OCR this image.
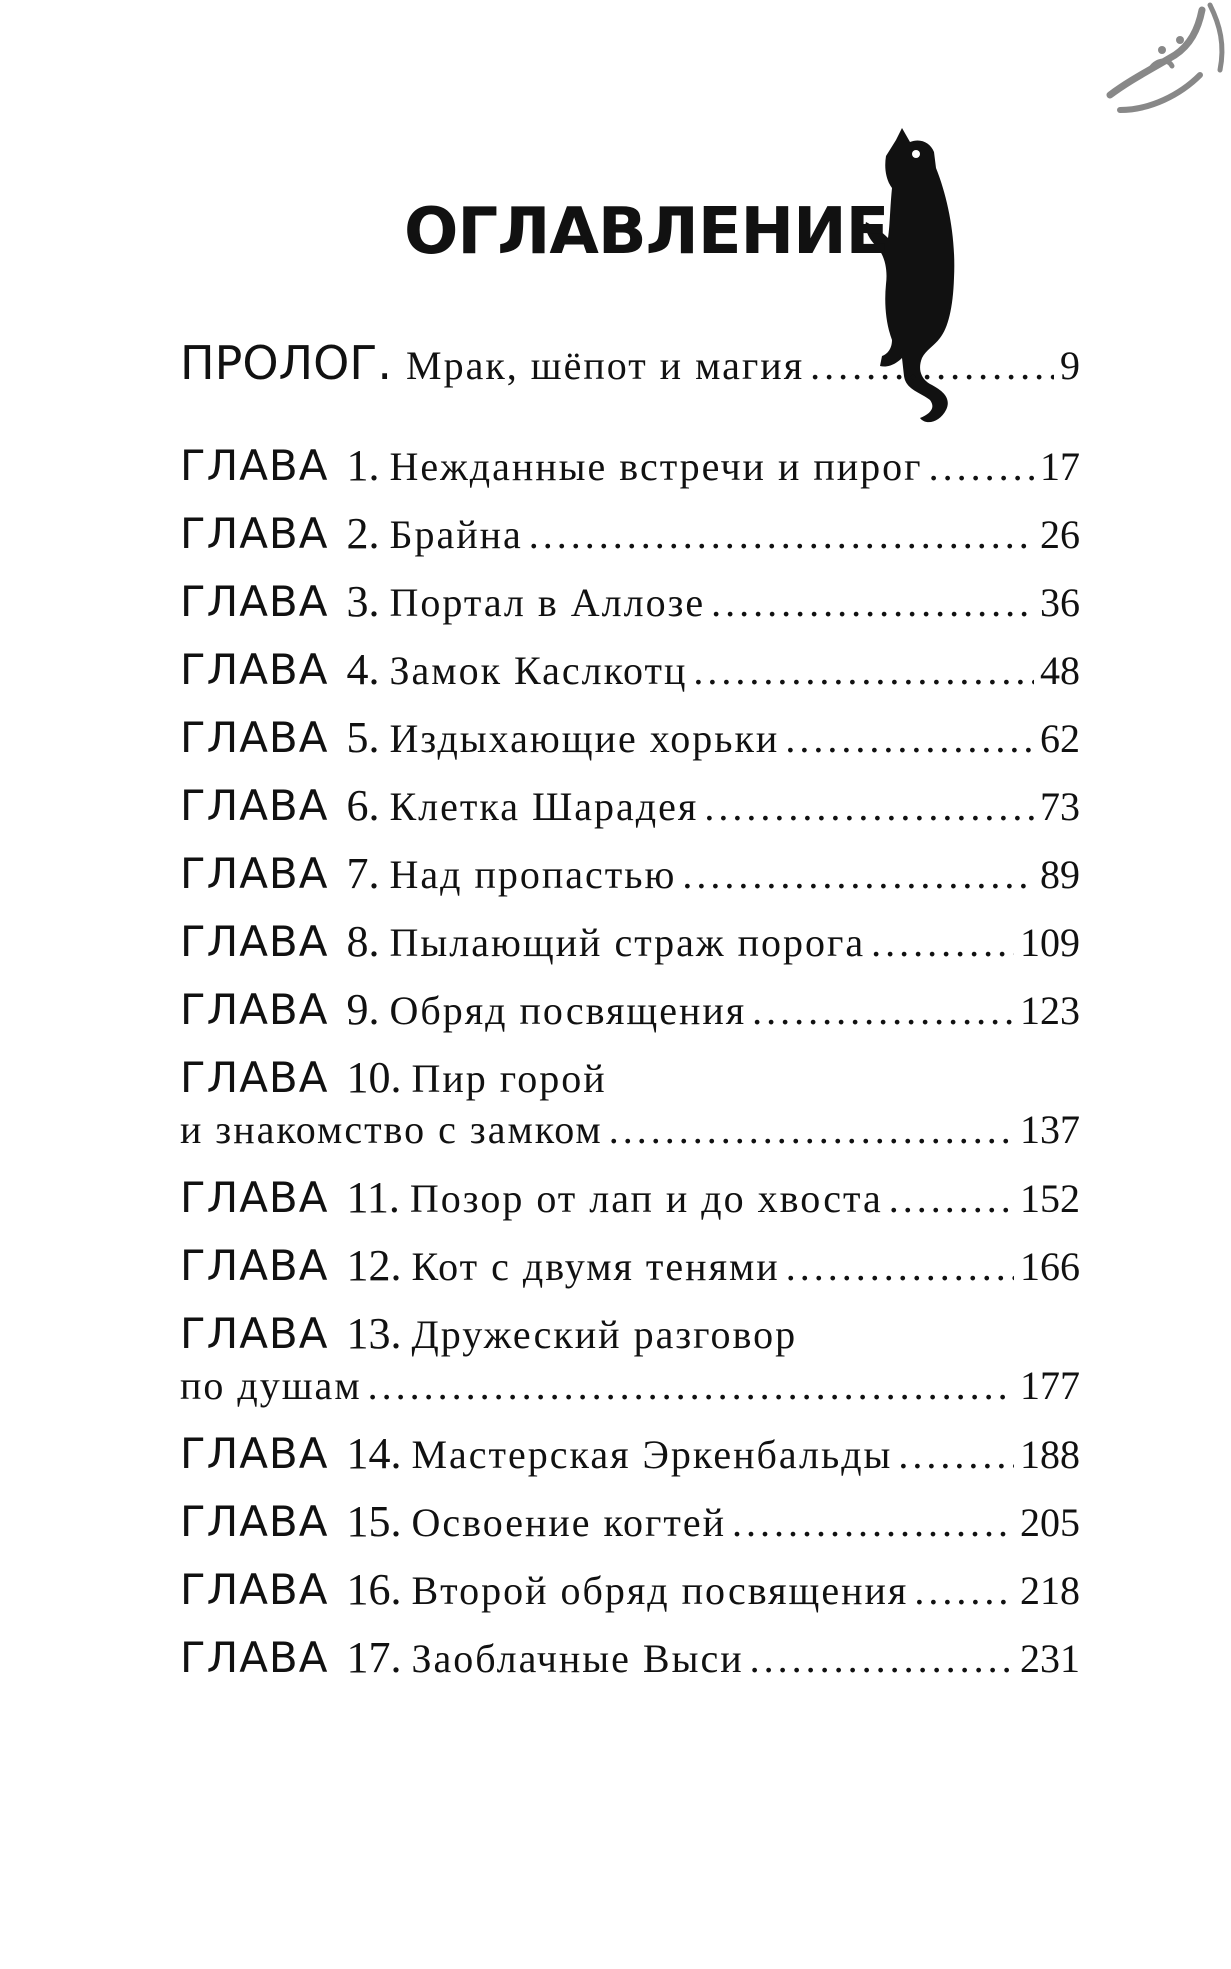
ОГЛАВЛЕНИЕ
ПРОЛОГ. Мрак, шёпот и магия .....	9
ГЛАВА 1. Нежданные встречи и пирог .....	17
ГЛАВА 2. Брайна .....	26
ГЛАВА 3. Портал в Аллозе .....	36
ГЛАВА 4. Замок Каслкотц .....	48
ГЛАВА 5. Издыхающие хорьки .....	62
ГЛАВА 6. Клетка Шарадея .....	73
ГЛАВА 7. Над пропастью .....	89
ГЛАВА 8. Пылающий страж порога .....	109
ГЛАВА 9. Обряд посвящения .....	123
ГЛАВА 10. Пир горой
и знакомство с замком .....	137
ГЛАВА 11. Позор от лап и до хвоста .....	152
ГЛАВА 12. Кот с двумя тенями .....	166
ГЛАВА 13. Дружеский разговор
по душам .....	177
ГЛАВА 14. Мастерская Эркенбальды .....	188
ГЛАВА 15. Освоение когтей .....	205
ГЛАВА 16. Второй обряд посвящения .....	218
ГЛАВА 17. Заоблачные Выси .....	231
